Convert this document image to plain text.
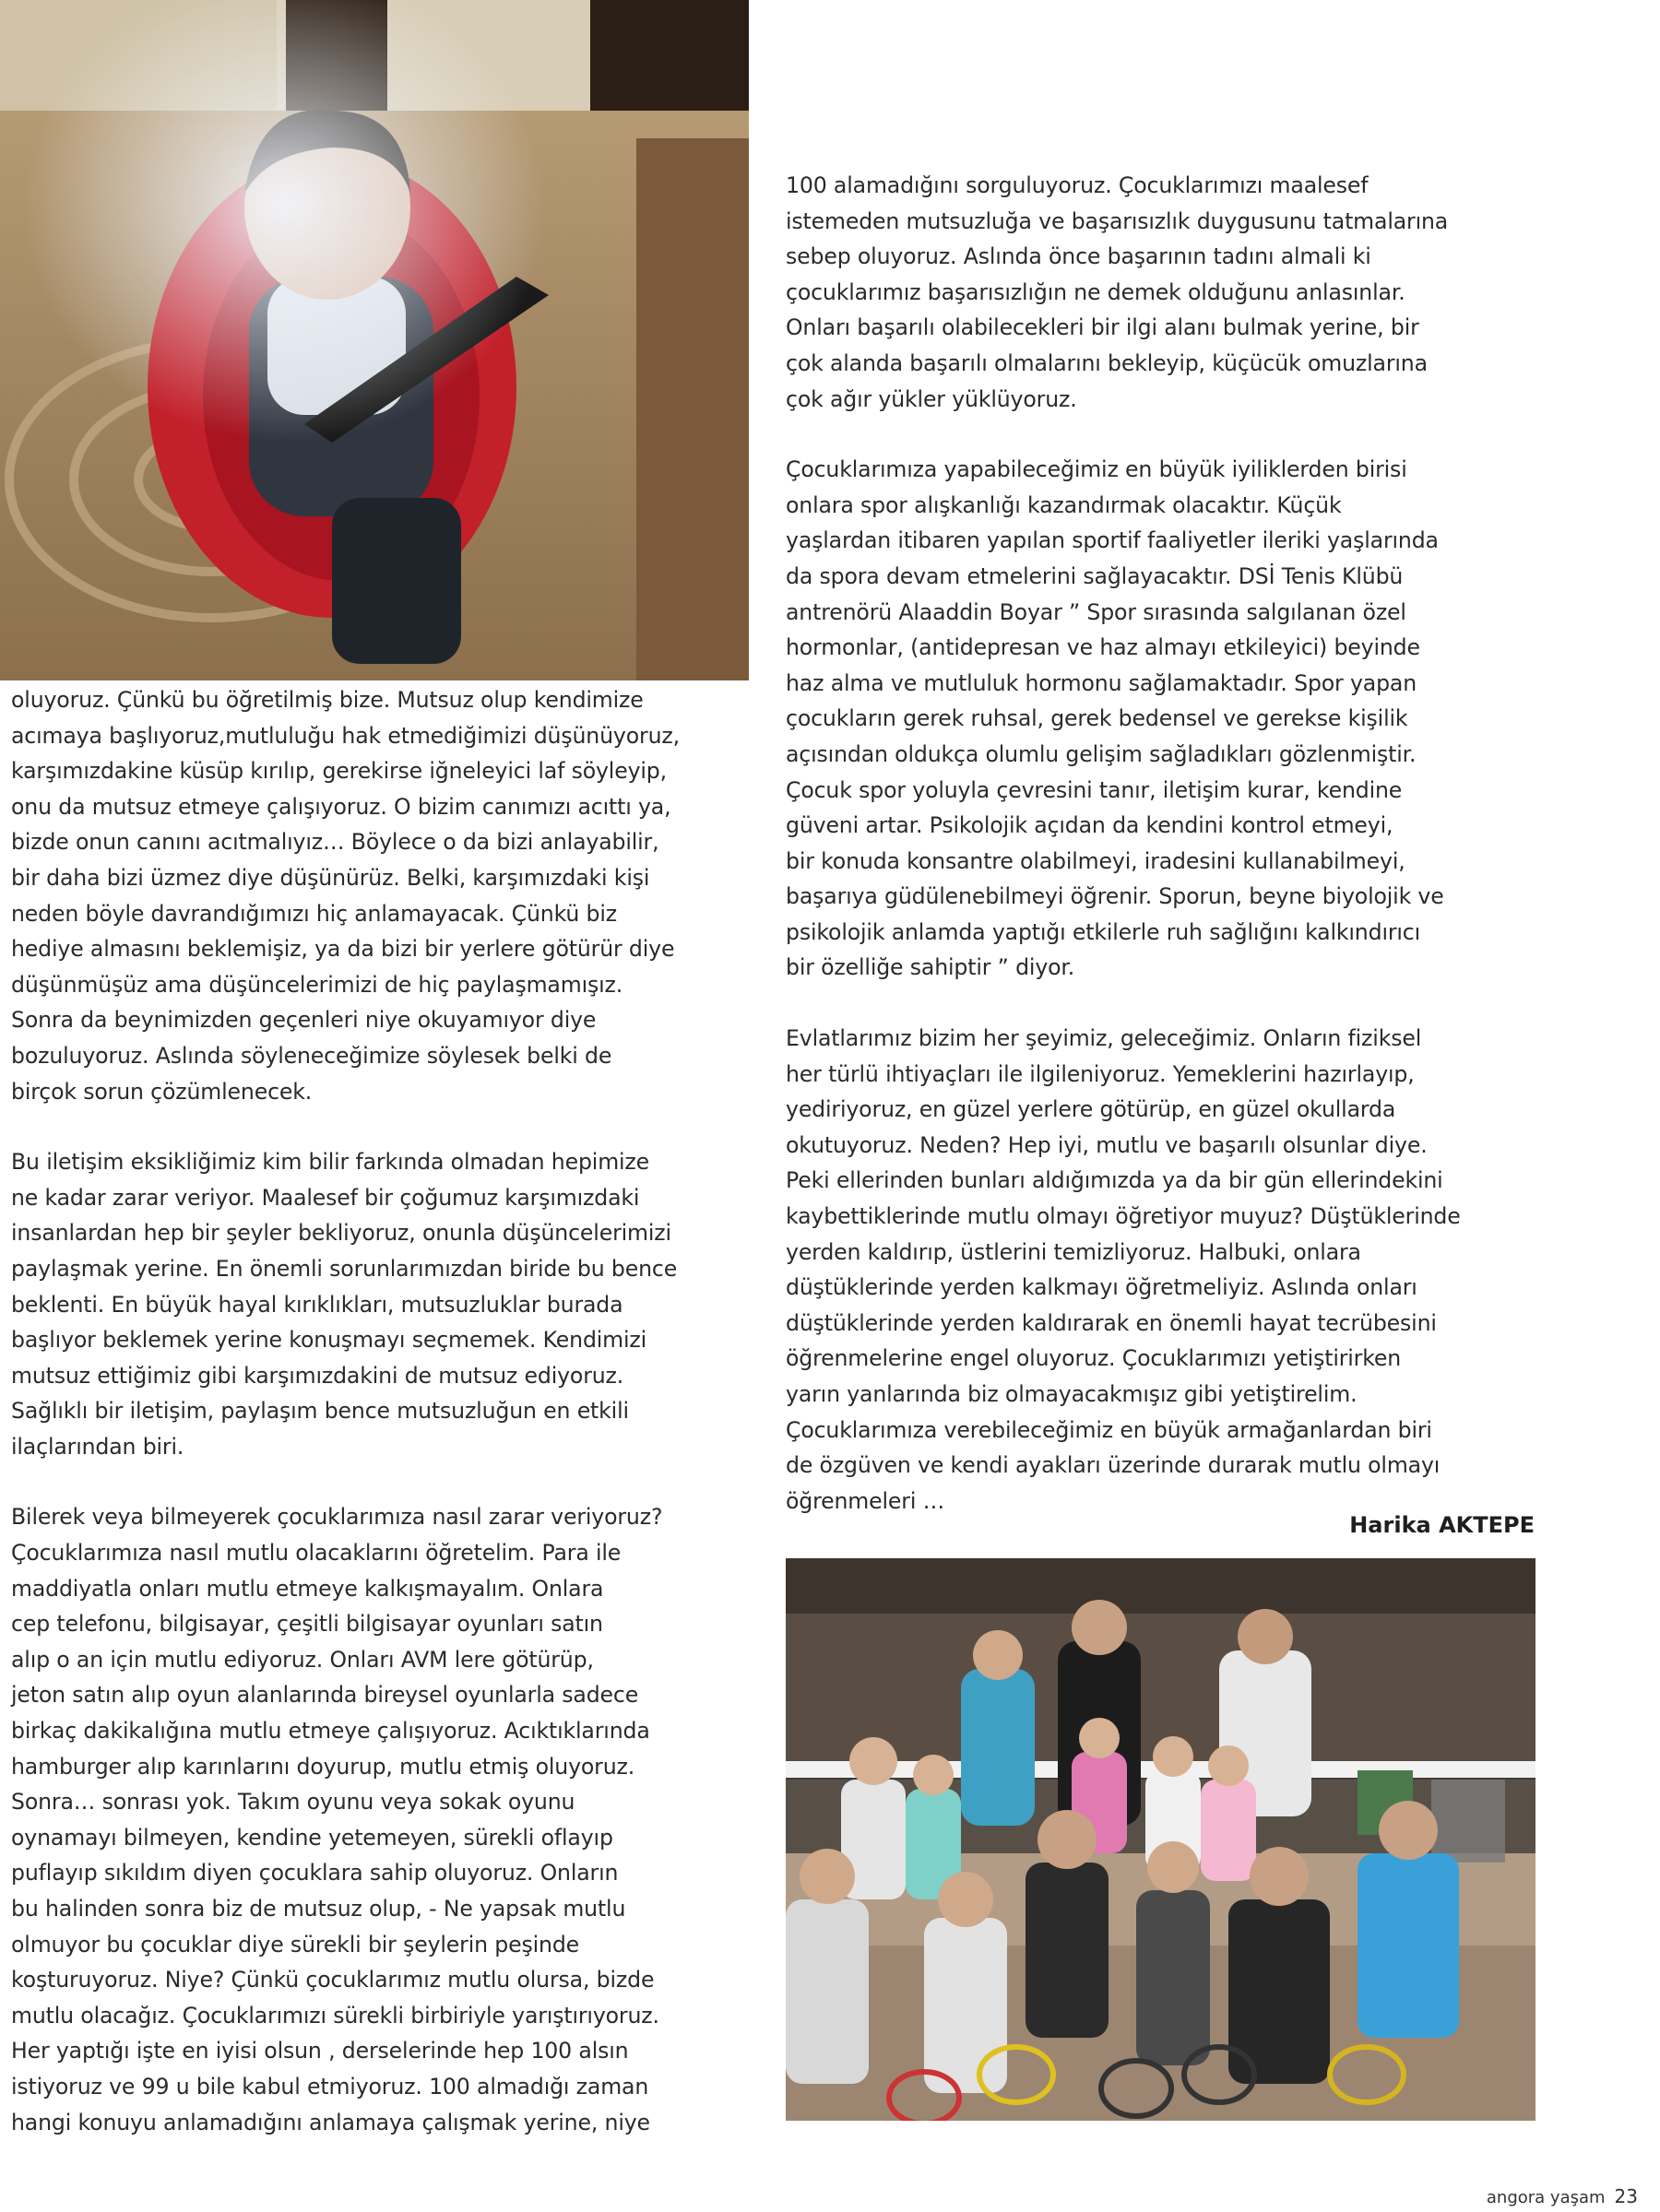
oluyoruz. Çünkü bu öğretilmiş bize. Mutsuz olup kendimize
acımaya başlıyoruz,mutluluğu hak etmediğimizi düşünüyoruz,
karşımızdakine küsüp kırılıp, gerekirse iğneleyici laf söyleyip,
onu da mutsuz etmeye çalışıyoruz. O bizim canımızı acıttı ya,
bizde onun canını acıtmalıyız… Böylece o da bizi anlayabilir,
bir daha bizi üzmez diye düşünürüz. Belki, karşımızdaki kişi
neden böyle davrandığımızı hiç anlamayacak. Çünkü biz
hediye almasını beklemişiz, ya da bizi bir yerlere götürür diye
düşünmüşüz ama düşüncelerimizi de hiç paylaşmamışız.
Sonra da beynimizden geçenleri niye okuyamıyor diye
bozuluyoruz. Aslında söyleneceğimize söylesek belki de
birçok sorun çözümlenecek.

Bu iletişim eksikliğimiz kim bilir farkında olmadan hepimize
ne kadar zarar veriyor. Maalesef bir çoğumuz karşımızdaki
insanlardan hep bir şeyler bekliyoruz, onunla düşüncelerimizi
paylaşmak yerine. En önemli sorunlarımızdan biride bu bence
beklenti. En büyük hayal kırıklıkları, mutsuzluklar burada
başlıyor beklemek yerine konuşmayı seçmemek. Kendimizi
mutsuz ettiğimiz gibi karşımızdakini de mutsuz ediyoruz.
Sağlıklı bir iletişim, paylaşım bence mutsuzluğun en etkili
ilaçlarından biri.

Bilerek veya bilmeyerek çocuklarımıza nasıl zarar veriyoruz?
Çocuklarımıza nasıl mutlu olacaklarını öğretelim. Para ile
maddiyatla onları mutlu etmeye kalkışmayalım. Onlara
cep telefonu, bilgisayar, çeşitli bilgisayar oyunları satın
alıp o an için mutlu ediyoruz. Onları AVM lere götürüp,
jeton satın alıp oyun alanlarında bireysel oyunlarla sadece
birkaç dakikalığına mutlu etmeye çalışıyoruz. Acıktıklarında
hamburger alıp karınlarını doyurup, mutlu etmiş oluyoruz.
Sonra… sonrası yok. Takım oyunu veya sokak oyunu
oynamayı bilmeyen, kendine yetemeyen, sürekli oflayıp
puflayıp sıkıldım diyen çocuklara sahip oluyoruz. Onların
bu halinden sonra biz de mutsuz olup, - Ne yapsak mutlu
olmuyor bu çocuklar diye sürekli bir şeylerin peşinde
koşturuyoruz. Niye? Çünkü çocuklarımız mutlu olursa, bizde
mutlu olacağız. Çocuklarımızı sürekli birbiriyle yarıştırıyoruz.
Her yaptığı işte en iyisi olsun , derselerinde hep 100 alsın
istiyoruz ve 99 u bile kabul etmiyoruz. 100 almadığı zaman
hangi konuyu anlamadığını anlamaya çalışmak yerine, niye

100 alamadığını sorguluyoruz. Çocuklarımızı maalesef
istemeden mutsuzluğa ve başarısızlık duygusunu tatmalarına
sebep oluyoruz. Aslında önce başarının tadını almali ki
çocuklarımız başarısızlığın ne demek olduğunu anlasınlar.
Onları başarılı olabilecekleri bir ilgi alanı bulmak yerine, bir
çok alanda başarılı olmalarını bekleyip, küçücük omuzlarına
çok ağır yükler yüklüyoruz.

Çocuklarımıza yapabileceğimiz en büyük iyiliklerden birisi
onlara spor alışkanlığı kazandırmak olacaktır. Küçük
yaşlardan itibaren yapılan sportif faaliyetler ileriki yaşlarında
da spora devam etmelerini sağlayacaktır. DSİ Tenis Klübü
antrenörü Alaaddin Boyar ” Spor sırasında salgılanan özel
hormonlar, (antidepresan ve haz almayı etkileyici) beyinde
haz alma ve mutluluk hormonu sağlamaktadır. Spor yapan
çocukların gerek ruhsal, gerek bedensel ve gerekse kişilik
açısından oldukça olumlu gelişim sağladıkları gözlenmiştir.
Çocuk spor yoluyla çevresini tanır, iletişim kurar, kendine
güveni artar. Psikolojik açıdan da kendini kontrol etmeyi,
bir konuda konsantre olabilmeyi, iradesini kullanabilmeyi,
başarıya güdülenebilmeyi öğrenir. Sporun, beyne biyolojik ve
psikolojik anlamda yaptığı etkilerle ruh sağlığını kalkındırıcı
bir özelliğe sahiptir ” diyor.

Evlatlarımız bizim her şeyimiz, geleceğimiz. Onların fiziksel
her türlü ihtiyaçları ile ilgileniyoruz. Yemeklerini hazırlayıp,
yediriyoruz, en güzel yerlere götürüp, en güzel okullarda
okutuyoruz. Neden? Hep iyi, mutlu ve başarılı olsunlar diye.
Peki ellerinden bunları aldığımızda ya da bir gün ellerindekini
kaybettiklerinde mutlu olmayı öğretiyor muyuz? Düştüklerinde
yerden kaldırıp, üstlerini temizliyoruz. Halbuki, onlara
düştüklerinde yerden kalkmayı öğretmeliyiz. Aslında onları
düştüklerinde yerden kaldırarak en önemli hayat tecrübesini
öğrenmelerine engel oluyoruz. Çocuklarımızı yetiştirirken
yarın yanlarında biz olmayacakmışız gibi yetiştirelim.
Çocuklarımıza verebileceğimiz en büyük armağanlardan biri
de özgüven ve kendi ayakları üzerinde durarak mutlu olmayı
öğrenmeleri …

Harika AKTEPE
angora yaşam 23
